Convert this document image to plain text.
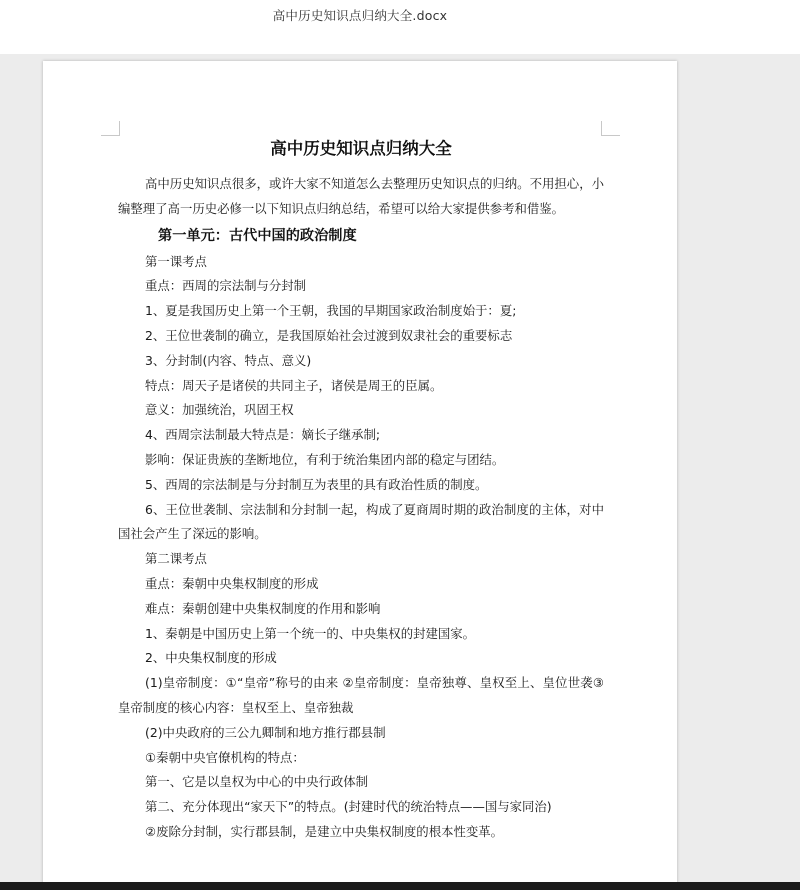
高中历史知识点归纳大全.docx
高中历史知识点归纳大全

高中历史知识点很多，或许大家不知道怎么去整理历史知识点的归纳。不用担心，小编整理了高一历史必修一以下知识点归纳总结，希望可以给大家提供参考和借鉴。

第一单元：古代中国的政治制度

第一课考点

重点：西周的宗法制与分封制

1、夏是我国历史上第一个王朝，我国的早期国家政治制度始于：夏;

2、王位世袭制的确立，是我国原始社会过渡到奴隶社会的重要标志

3、分封制(内容、特点、意义)

特点：周天子是诸侯的共同主子，诸侯是周王的臣属。

意义：加强统治，巩固王权

4、西周宗法制最大特点是：嫡长子继承制;

影响：保证贵族的垄断地位，有利于统治集团内部的稳定与团结。

5、西周的宗法制是与分封制互为表里的具有政治性质的制度。

6、王位世袭制、宗法制和分封制一起，构成了夏商周时期的政治制度的主体，对中国社会产生了深远的影响。

第二课考点

重点：秦朝中央集权制度的形成

难点：秦朝创建中央集权制度的作用和影响

1、秦朝是中国历史上第一个统一的、中央集权的封建国家。

2、中央集权制度的形成

(1)皇帝制度：①“皇帝”称号的由来 ②皇帝制度：皇帝独尊、皇权至上、皇位世袭③皇帝制度的核心内容：皇权至上、皇帝独裁

(2)中央政府的三公九卿制和地方推行郡县制

①秦朝中央官僚机构的特点：

第一、它是以皇权为中心的中央行政体制

第二、充分体现出“家天下”的特点。(封建时代的统治特点——国与家同治)

②废除分封制，实行郡县制，是建立中央集权制度的根本性变革。
